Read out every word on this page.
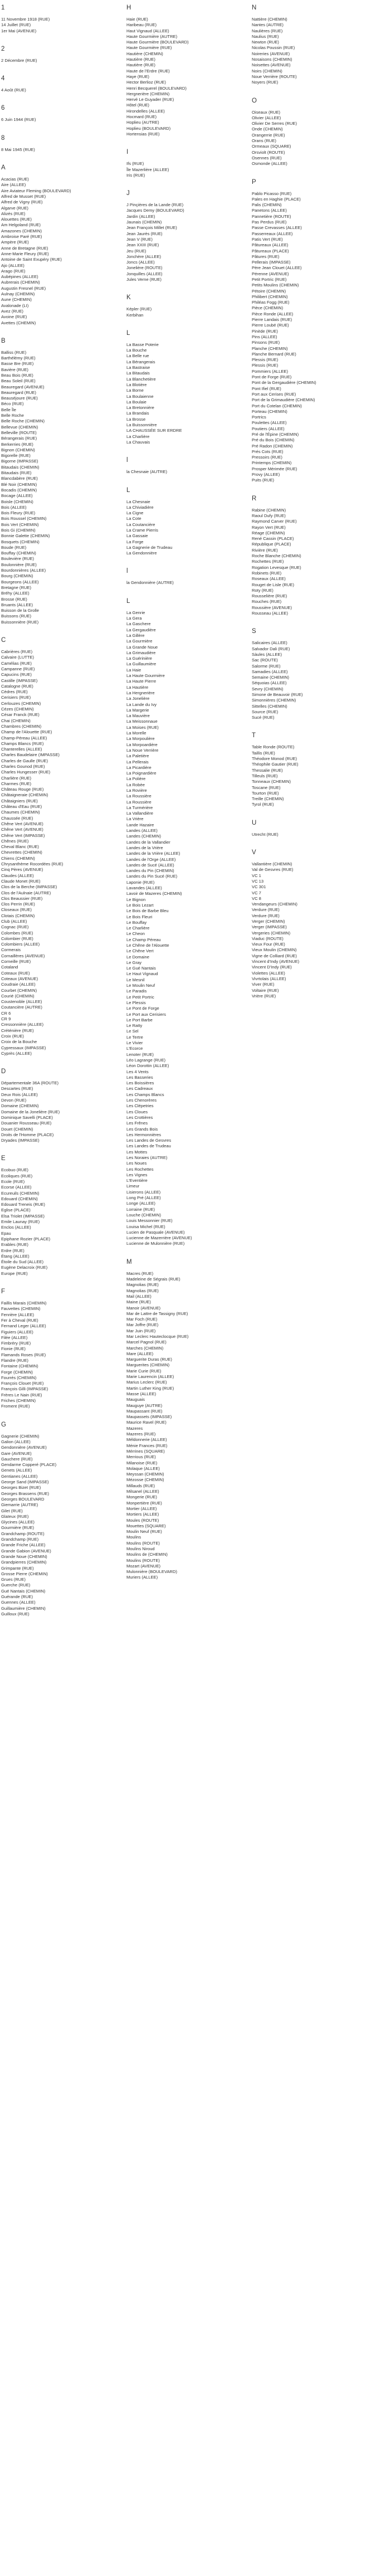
1
11 Novembre 1918 (RUE)
14 Juillet (RUE)
1er Mai (AVENUE)
2
2 Décembre (RUE)
4
4 Août (RUE)
6
6 Juin 1944 (RUE)
8
8 Mai 1945 (RUE)
A
Acacias (RUE)
Aire (ALLEE)
Aire Aviateur Fleming (BOULEVARD)
Alfred de Musset (RUE)
Alfred de Vigny (RUE)
Algarve (RUE)
Alizés (RUE)
Alouettes (RUE)
Am Helgoland (RUE)
Amazones (CHEMIN)
Ambroise Paré (RUE)
Ampère (RUE)
Anne de Bretagne (RUE)
Anne-Marie Fleury (RUE)
Antoine de Saint Exupéry (RUE)
Ajo (ALLEE)
Arago (RUE)
Aubépines (ALLEE)
Aubrerais (CHEMIN)
Augustin Fresnel (RUE)
Aulnay (CHEMIN)
Aune (CHEMIN)
Avalonade (LI)
Avez (RUE)
Avoine (RUE)
Avettes (CHEMIN)
B
Balliss (RUE)
Barthélémy (RUE)
Basse Bre (RUE)
Bavière (RUE)
Beau Bois (RUE)
Beau Soleil (RUE)
Beauregard (AVENUE)
Beauregard (RUE)
Beauséjoure (RUE)
Béco (RUE)
Belle Île
Belle Roche
Belle Roche (CHEMIN)
Bellevue (CHEMIN)
Belleville (ROUTE)
Bérangerais (RUE)
Berkerries (RUE)
Bignon (CHEMIN)
Bigorelle (RUE)
Bigorne (IMPASSE)
Bitaudais (CHEMIN)
Bitaudais (RUE)
Blancdabère (RUE)
Blé Noir (CHEMIN)
Bocadis (CHEMIN)
Bocage (ALLEE)
Boisle (CHEMIN)
Bois (ALLEE)
Bois Fleury (RUE)
Bois Roussel (CHEMIN)
Bois Vert (CHEMIN)
Bois Gi (CHEMIN)
Bonnie Galette (CHEMIN)
Bosquets (CHEMIN)
Boude (RUE)
Bouffay (CHEMIN)
Boulevière (RUE)
Boulonnière (RUE)
Bourdonnières (ALLEE)
Bourg (CHEMIN)
Bourgeons (ALLEE)
Bretagne (RUE)
Bréhy (ALLEE)
Brosse (RUE)
Bruants (ALLEE)
Buisson de la Grolle
Buissons (RUE)
Buissonnière (RUE)
C
Cabrières (RUE)
Calvaire (LUTTE)
Camélias (RUE)
Campanne (RUE)
Capucins (RUE)
Castille (IMPASSE)
Catalogne (RUE)
Cèdres (RUE)
Cerisiers (RUE)
Cerlouzes (CHEMIN)
Cézes (CHEMIN)
César Franck (RUE)
Chai (CHEMIN)
Chambres (CHEMIN)
Champ de l'Alouette (RUE)
Champ-Péreau (ALLEE)
Champs Blancs (RUE)
Chanterelles (ALLEE)
Charles Baudelaire (IMPASSE)
Charles de Gaulle (RUE)
Charles Gounod (RUE)
Charles Hungesser (RUE)
Charlière (RUE)
Charmes (RUE)
Château Rouge (RUE)
Châtaigneraie (CHEMIN)
Châtaigniers (RUE)
Château d'Eau (RUE)
Chaumes (CHEMIN)
Chaussée (RUE)
Chêne Vert (AVENUE)
Chêne Vert (AVENUE)
Chêne Vert (IMPASSE)
Chênes (RUE)
Cheval Blanc (RUE)
Chevrettes (CHEMIN)
Chiens (CHEMIN)
Chrysanthème Rocordées (RUE)
Cinq Pères (AVENUE)
Claudes (ALLEE)
Claude Monet (RUE)
Clos de la Berche (IMPASSE)
Clos de l'Aulnaie (AUTRE)
Clos Beaussier (RUE)
Clos Perrin (RUE)
Closeaux (RUE)
Clotais (CHEMIN)
Club (ALLEE)
Cognac (RUE)
Colombes (RUE)
Colombier (RUE)
Colombiers (ALLEE)
Cormerais
Cornaillères (AVENUE)
Corneille (RUE)
Cotaland
Coteaux (RUE)
Coteaux (AVENUE)
Coudraie (ALLEE)
Courbet (CHEMIN)
Courié (CHEMIN)
Coustenoble (ALLEE)
Coutancière (AUTRE)
CR 6
CR 9
Cressonnière (ALLEE)
Créténière (RUE)
Croix (RUE)
Croix de la Bouche
Cypressaux (IMPASSE)
Cyprès (ALLEE)
D
Départementale 36A (ROUTE)
Descartes (RUE)
Deux Rois (ALLEE)
Devon (RUE)
Domaine (CHEMIN)
Domaine de la Jonelière (RUE)
Dominique Savelli (PLACE)
Douanier Rousseau (RUE)
Douet (CHEMIN)
Droits de l'Homme (PLACE)
Dryades (IMPASSE)
E
Ecobuo (RUE)
Ecoliques (RUE)
Ecole (RUE)
Ecorse (ALLEE)
Ecureuils (CHEMIN)
Edouard (CHEMIN)
Edouard Treneis (RUE)
Eglise (PLACE)
Elsa Triolet (IMPASSE)
Emile Launay (RUE)
Enclos (ALLEE)
Epau
Epiphane Rozier (PLACE)
Erables (RUE)
Erdre (RUE)
Étang (ALLEE)
Étoile du Sud (ALLEE)
Eugène Delacroix (RUE)
Europe (RUE)
F
Faillis Marais (CHEMIN)
Fauvettes (CHEMIN)
Fenrière (ALLEE)
Fer à Cheval (RUE)
Fernand Leger (ALLEE)
Figuiers (ALLEE)
Filée (ALLEE)
Fimbréry (RUE)
Fionie (RUE)
Flamands Roses (RUE)
Flandre (RUE)
Fontaine (CHEMIN)
Forge (CHEMIN)
Fourrés (CHEMIN)
François Clouet (RUE)
François Gilli (IMPASSE)
Frères Le Nain (RUE)
Friches (CHEMIN)
Froment (RUE)
G
Gagnerie (CHEMIN)
Galion (ALLEE)
Gendonnière (AVENUE)
Gare (AVENUE)
Gauchere (RUE)
Gendarme Copperé (PLACE)
Genets (ALLEE)
Gentianes (ALLEE)
George Sand (IMPASSE)
Georges Bizet (RUE)
Georges Brassens (RUE)
Georges BOULEVARD
Giemarrie (AUTRE)
Gilet (RUE)
Glaïeux (RUE)
Glycines (ALLEE)
Gourmière (RUE)
Grandchamp (ROUTE)
Grandchamp (RUE)
Grande Friche (ALLEE)
Grande Gabion (AVENUE)
Grande Noue (CHEMIN)
Grandpierres (CHEMIN)
Grimpante (RUE)
Grosse Pierre (CHEMIN)
Grues (RUE)
Guerche (RUE)
Gué Nantais (CHEMIN)
Guérande (RUE)
Guennes (ALLEE)
Guillaumière (CHEMIN)
Guilloux (RUE)
H
Haie (RUE)
Haribeau (RUE)
Haut Vignaud (ALLEE)
Haute Gourmière (AUTRE)
Haute Gourmière (BOULEVARD)
Haute Gourmière (RUE)
Hautière (CHEMIN)
Hautière (RUE)
Hautière (RUE)
Haute de l'Erdre (RUE)
Haye (RUE)
Hector Berlioz (RUE)
Henri Becquerel (BOULEVARD)
Hergnerière (CHEMIN)
Hervé Le Guyader (RUE)
Hôtel (RUE)
Hirondelles (ALLEE)
Hocmard (RUE)
Hoplieu (AUTRE)
Hoplieu (BOULEVARD)
Hortensias (RUE)
I
Ifs (RUE)
Île Mazerlière (ALLEE)
Iris (RUE)
J
J Pinçières de la Lande (RUE)
Jacques Demy (BOULEVARD)
Jardin (ALLEE)
Jaunais (CHEMIN)
Jean François Millet (RUE)
Jean Jaurès (RUE)
Jean V (RUE)
Jean XXIII (RUE)
Jeu (RUE)
Jonchère (ALLEE)
Joncs (ALLEE)
Jonelière (ROUTE)
Jonquilles (ALLEE)
Jules Verne (RUE)
K
Képler (RUE)
Kerbihan
L
La Basse Poterie
La Bouche
La Belle rue
La Bérangerais
La Bastraise
La Bitaudais
La Blanchetière
La Blotière
La Borne
La Boulaienne
La Boulaie
La Bretonnière
La Brandais
La Brosse
La Buissonnière
LA CHAUSSÉE SUR ERDRE
La Charlière
La Chauvais
l
la Chesnaie (AUTRE)
L
La Chesnaie
La Chiviadière
La Cigne
La Cote
La Coutancière
La Crame Pierris
La Gassaie
La Forge
La Gagnerie de Trudeau
La Gendonnière
l
la Gendonnière (AUTRE)
L
La Genrie
La Gera
La Gaschere
La Gergaudière
La Gillère
La Gourmière
La Grande Noue
La Grimaudière
La Guérinière
La Guillaumière
La Haie
La Haute Gourmière
La Haute Pierre
La Hautière
La Hergnerière
La Jonelière
La Lande du Ivy
La Margerie
La Mauvière
La Meissonnaue
La Moises (RUE)
La Morelle
La Morpoulière
La Morpoardière
La Noue Verrière
La Paletière
La Pellerais
La Picardière
La Poignardière
La Polière
La Robèe
La Rovière
La Roussière
La Roussière
La Turmérière
La Vallandière
La Vrière
Lande Hazaire
Landes (ALLEE)
Landes (CHEMIN)
Landes de la Vallandier
Landes de la Vrière
Landes de la Vrière (ALLEE)
Landes de l'Orge (ALLEE)
Landes de Sucé (ALLEE)
Landes du Pin (CHEMIN)
Landes du Pin Sucé (RUE)
Laponie (RUE)
Lavandes (ALLEE)
Lavoir de Mazeres (CHEMIN)
Le Bignon
Le Bois Lezart
Le Bois de Barbe Bleu
Le Bois Fleuri
Le Bouffay
Le Charlière
Le Cheon
Le Champ Péreau
Le Chêne de l'Alouette
Le Chêne Vert
Le Domaine
Le Gray
Le Gué Nantais
Le Haut Vignaud
Le Mesnil
Le Moulin Neuf
Le Paradis
Le Petit Portric
Le Plessis
Le Pont de Forge
Le Port aux Cerisiers
Le Port Barbe
Le Ratty
Le Sel
Le Tertre
Le Vivier
L'Ecorce
Lenoter (RUE)
Léo Lagrange (RUE)
Léon Dorottin (ALLEE)
Les 4 Vents
Les Basseries
Les Boissières
Les Cadreaux
Les Champs Blancs
Les Chenorères
Les Clépetries
Les Cloues
Les Crottières
Les Frênes
Les Grands Bois
Les Hermonnières
Les Landes de Gesvres
Les Landes de Trudeau
Les Mottes
Les Noraies (AUTRE)
Les Noues
Les Rochettes
Les Vignes
L'Eventière
Limeur
Lisierons (ALLEE)
Long Pré (ALLEE)
Longe (ALLEE)
Lorraine (RUE)
Louche (CHEMIN)
Louis Messonnier (RUE)
Louisa Michel (RUE)
Lucien de Pasquale (AVENUE)
Lucienne de Mazerrière (AVENUE)
Lucienne de Mulonnière (RUE)
M
Macres (RUE)
Madeleine de Ségrais (RUE)
Magnolias (RUE)
Magnolias (RUE)
Mail (ALLEE)
Maine (RUE)
Manoir (AVENUE)
Mar de Lattre de Tassigny (RUE)
Mar Foch (RUE)
Mar Joffre (RUE)
Mar Juin (RUE)
Mar Leclerc Hauteclocque (RUE)
Marcel Pagnol (RUE)
Marches (CHEMIN)
Mare (ALLEE)
Marguerite Duras (RUE)
Marguerites (CHEMIN)
Marie Curie (RUE)
Marie Laurencin (ALLEE)
Marius Leclerc (RUE)
Martin Luther King (RUE)
Masse (ALLEE)
Mauguais
Mauguye (AUTRE)
Maupassant (RUE)
Maupassets (IMPASSE)
Maurice Ravel (RUE)
Mazeres
Mazeres (RUE)
Méldonnerie (ALLEE)
Ménie Frances (RUE)
Mérrines (SQUARE)
Merrious (RUE)
Milanoise (RUE)
Molaque (ALLEE)
Meyssan (CHEMIN)
Mézosse (CHEMIN)
Millauds (RUE)
Milsanel (ALLEE)
Mongerie (RUE)
Monpertière (RUE)
Mortier (ALLEE)
Mortiers (ALLEE)
Moules (ROUTE)
Mouettes (SQUARE)
Moulin Neuf (RUE)
Moulins
Moulins (ROUTE)
Moulins Niroud
Moulins de (CHEMIN)
Moulins (ROUTE)
Mozart (AVENUE)
Mulonnière (BOULEVARD)
Muriers (ALLEE)
N
Nattière (CHEMIN)
Nantes (AUTRE)
Naulières (RUE)
Naulius (RUE)
Newton (RUE)
Nicolas Poussin (RUE)
Noireries (AVENUE)
Nosaisons (CHEMIN)
Noisettes (AVENUE)
Noirs (CHEMIN)
Noue Verrière (ROUTE)
Noyers (RUE)
O
Oiseaux (RUE)
Olivier (ALLEE)
Olivier De Serres (RUE)
Onde (CHEMIN)
Orangerrie (RUE)
Orans (RUE)
Ormeaux (SQUARE)
Orsviolt (ROUTE)
Osennes (RUE)
Osmonde (ALLEE)
P
Pablo Picasso (RUE)
Pales en Haghie (PLACE)
Palis (CHEMIN)
Panetons (ALLEE)
Pannetière (ROUTE)
Pas Perdus (RUE)
Passe Crevasses (ALLEE)
Passerreaux (ALLEE)
Patis Vert (RUE)
Pâtureaux (ALLEE)
Pâtureaux (PLACE)
Pâtures (RUE)
Pellerais (IMPASSE)
Père Jean Clouet (ALLEE)
Pérenne (AVENUE)
Petit Portric (RUE)
Petits Moulins (CHEMIN)
Pétoire (CHEMIN)
Philibert (CHEMIN)
Philéas Fogg (RUE)
Pièce (CHEMIN)
Pièce Ronde (ALLEE)
Pierre Landais (RUE)
Pierre Loubé (RUE)
Pinède (RUE)
Pins (ALLEE)
Pinsons (RUE)
Planche (CHEMIN)
Planche Bernard (RUE)
Plessis (RUE)
Plessis (RUE)
Pommiers (ALLEE)
Pont de Forge (RUE)
Pont de la Gergaudière (CHEMIN)
Pont Ifiel (RUE)
Port aux Cerises (RUE)
Port de la Grimaudière (CHEMIN)
Port du Cotelan (CHEMIN)
Porteau (CHEMIN)
Portrics
Poulettes (ALLEE)
Poutiers (ALLEE)
Pré de l'Épine (CHEMIN)
Pré du Bois (CHEMIN)
Pré Radon (CHEMIN)
Prés Cots (RUE)
Pressoirs (RUE)
Printemps (CHEMIN)
Prosper Mérimée (RUE)
Provy (ALLEE)
Puits (RUE)
R
Rabine (CHEMIN)
Raoul Dufy (RUE)
Raymond Carver (RUE)
Rayon Vert (RUE)
Réage (CHEMIN)
René Cassin (PLACE)
République (PLACE)
Rivière (RUE)
Roche Blanche (CHEMIN)
Rochettes (RUE)
Rogation Levesque (RUE)
Robinets (RUE)
Roseaux (ALLEE)
Rouget de Lisle (RUE)
Roty (RUE)
Rousselière (RUE)
Rouches (RUE)
Roussière (AVENUE)
Rousseau (ALLEE)
S
Salicaires (ALLEE)
Salvador Dali (RUE)
Sàules (ALLEE)
Sac (ROUTE)
Salorme (RUE)
Samadies (ALLEE)
Semaine (CHEMIN)
Séquoias (ALLEE)
Sevry (CHEMIN)
Simone de Beauvoir (RUE)
Simonnières (CHEMIN)
Sittelles (CHEMIN)
Source (RUE)
Sucé (RUE)
T
Table Ronde (ROUTE)
Taillis (RUE)
Théodore Monod (RUE)
Théophile Gautier (RUE)
Thessalie (RUE)
Tilleuls (RUE)
Tonneaux (CHEMIN)
Toscane (RUE)
Tourton (RUE)
Treille (CHEMIN)
Tyrol (RUE)
U
Utrecht (RUE)
V
Vallantière (CHEMIN)
Val de Gesvres (RUE)
VC 1
VC 13
VC 301
VC 7
VC 8
Vendangeurs (CHEMIN)
Verdure (RUE)
Verdure (RUE)
Verger (CHEMIN)
Verger (IMPASSE)
Vergeries (CHEMIN)
Viaduc (ROUTE)
Vieux Four (RUE)
Vieux Moulin (CHEMIN)
Vigne de Colliard (RUE)
Vincent d'Indy (AVENUE)
Vincent D'Indy (RUE)
Violettes (ALLEE)
Vivrtolais (ALLEE)
Viver (RUE)
Voltaire (RUE)
Vrière (RUE)
